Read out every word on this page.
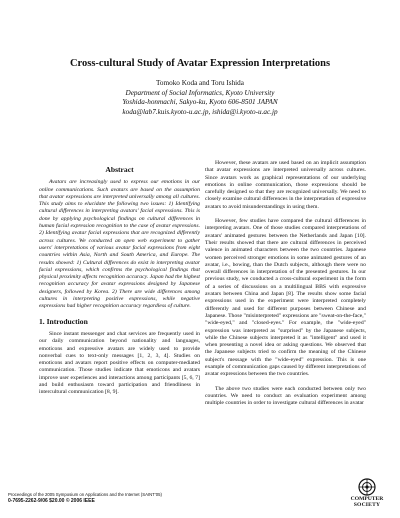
Cross-cultural Study of Avatar Expression Interpretations
Tomoko Koda and Toru Ishida
Department of Social Informatics, Kyoto University
Yoshida-honmachi, Sakyo-ku, Kyoto 606-8501 JAPAN
koda@lab7.kuis.kyoto-u.ac.jp, ishida@i.kyoto-u.ac.jp
Abstract

Avatars are increasingly used to express our emotions in our online communications. Such avatars are based on the assumption that avatar expressions are interpreted universally among all cultures. This study aims to elucidate the following two issues: 1) Identifying cultural differences in interpreting avatars' facial expressions. This is done by applying psychological findings on cultural differences in human facial expression recognition to the case of avatar expressions. 2) Identifying avatar facial expressions that are recognized differently across cultures. We conducted an open web experiment to gather users' interpretations of various avatar facial expressions from eight countries within Asia, North and South America, and Europe. The results showed: 1) Cultural differences do exist in interpreting avatar facial expressions, which confirms the psychological findings that physical proximity affects recognition accuracy. Japan had the highest recognition accuracy for avatar expressions designed by Japanese designers, followed by Korea. 2) There are wide differences among cultures in interpreting positive expressions, while negative expressions had higher recognition accuracy regardless of culture.

1. Introduction

Since instant messenger and chat services are frequently used in our daily communication beyond nationality and languages, emoticons and expressive avatars are widely used to provide nonverbal cues to text-only messages [1, 2, 3, 4]. Studies on emoticons and avatars report positive effects on computer-mediated communication. Those studies indicate that emoticons and avatars improve user experiences and interactions among participants [5, 6, 7] and build enthusiasm toward participation and friendliness in intercultural communication [8, 9].

However, these avatars are used based on an implicit assumption that avatar expressions are interpreted universally across cultures. Since avatars work as graphical representations of our underlying emotions in online communication, those expressions should be carefully designed so that they are recognized universally. We need to closely examine cultural differences in the interpretation of expressive avatars to avoid misunderstandings in using them.

However, few studies have compared the cultural differences in interpreting avatars. One of those studies compared interpretations of avatars' animated gestures between the Netherlands and Japan [10]. Their results showed that there are cultural differences in perceived valence in animated characters between the two countries. Japanese women perceived stronger emotions in some animated gestures of an avatar, i.e., bowing, than the Dutch subjects, although there were no overall differences in interpretation of the presented gestures. In our previous study, we conducted a cross-cultural experiment in the form of a series of discussions on a multilingual BBS with expressive avatars between China and Japan [8]. The results show some facial expressions used in the experiment were interpreted completely differently and used for different purposes between Chinese and Japanese. Those "misinterpreted" expressions are "sweat-on-the-face," "wide-eyed," and "closed-eyes." For example, the "wide-eyed" expression was interpreted as "surprised" by the Japanese subjects, while the Chinese subjects interpreted it as "intelligent" and used it when presenting a novel idea or asking questions. We observed that the Japanese subjects tried to confirm the meaning of the Chinese subject's message with the "wide-eyed" expression. This is one example of communication gaps caused by different interpretations of avatar expressions between the two countries.

The above two studies were each conducted between only two countries. We need to conduct an evaluation experiment among multiple countries in order to investigate cultural differences in avatar

Proceedings of the 2005 Symposium on Applications and the Internet (SAINT'05)
0-7695-2262-9/06 $20.00 © 2006 IEEE	COMPUTER
SOCIETY
